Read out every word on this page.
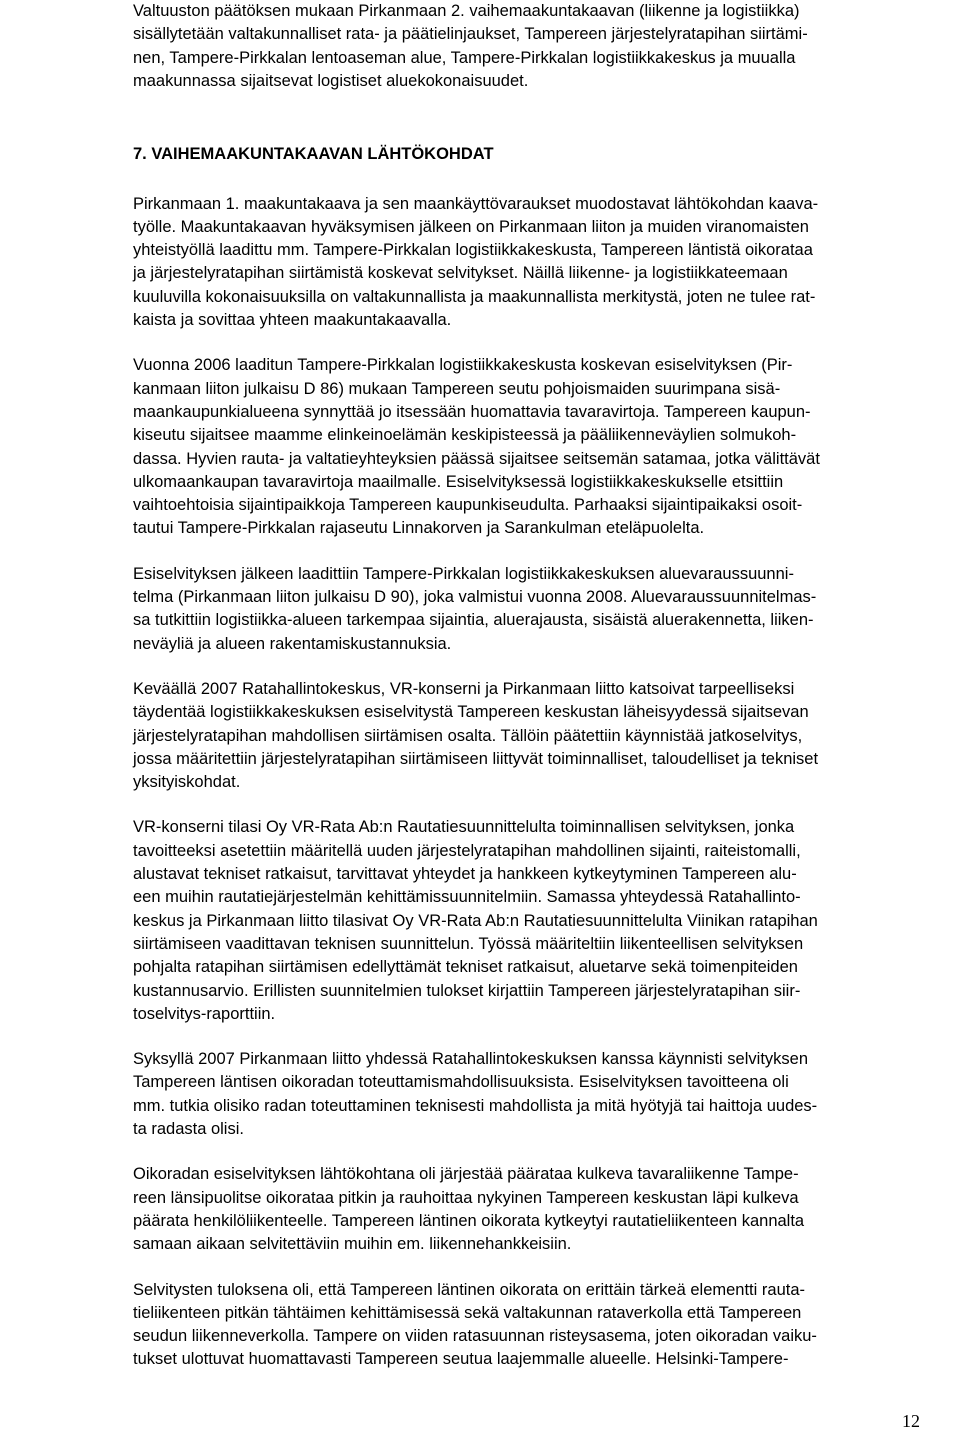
Valtuuston päätöksen mukaan Pirkanmaan 2. vaihemaakuntakaavan (liikenne ja logistiikka)
sisällytetään valtakunnalliset rata- ja päätielinjaukset, Tampereen järjestelyratapihan siirtämi-
nen, Tampere-Pirkkalan lentoaseman alue, Tampere-Pirkkalan logistiikkakeskus ja muualla
maakunnassa sijaitsevat logistiset aluekokonaisuudet.
7. VAIHEMAAKUNTAKAAVAN LÄHTÖKOHDAT
Pirkanmaan 1. maakuntakaava ja sen maankäyttövaraukset muodostavat lähtökohdan kaava-
työlle. Maakuntakaavan hyväksymisen jälkeen on Pirkanmaan liiton ja muiden viranomaisten
yhteistyöllä laadittu mm. Tampere-Pirkkalan logistiikkakeskusta, Tampereen läntistä oikorataa
ja järjestelyratapihan siirtämistä koskevat selvitykset. Näillä liikenne- ja logistiikkateemaan
kuuluvilla kokonaisuuksilla on valtakunnallista ja maakunnallista merkitystä, joten ne tulee rat-
kaista ja sovittaa yhteen maakuntakaavalla.
Vuonna 2006 laaditun Tampere-Pirkkalan logistiikkakeskusta koskevan esiselvityksen (Pir-
kanmaan liiton julkaisu D 86) mukaan Tampereen seutu pohjoismaiden suurimpana sisä-
maankaupunkialueena synnyttää jo itsessään huomattavia tavaravirtoja. Tampereen kaupun-
kiseutu sijaitsee maamme elinkeinoelämän keskipisteessä ja pääliikenneväylien solmukoh-
dassa. Hyvien rauta- ja valtatieyhteyksien päässä sijaitsee seitsemän satamaa, jotka välittävät
ulkomaankaupan tavaravirtoja maailmalle. Esiselvityksessä logistiikkakeskukselle etsittiin
vaihtoehtoisia sijaintipaikkoja Tampereen kaupunkiseudulta. Parhaaksi sijaintipaikaksi osoit-
tautui Tampere-Pirkkalan rajaseutu Linnakorven ja Sarankulman eteläpuolelta.
Esiselvityksen jälkeen laadittiin Tampere-Pirkkalan logistiikkakeskuksen aluevaraussuunni-
telma (Pirkanmaan liiton julkaisu D 90), joka valmistui vuonna 2008. Aluevaraussuunnitelmas-
sa tutkittiin logistiikka-alueen tarkempaa sijaintia, aluerajausta, sisäistä aluerakennetta, liiken-
neväyliä ja alueen rakentamiskustannuksia.
Keväällä 2007 Ratahallintokeskus, VR-konserni ja Pirkanmaan liitto katsoivat tarpeelliseksi
täydentää logistiikkakeskuksen esiselvitystä Tampereen keskustan läheisyydessä sijaitsevan
järjestelyratapihan mahdollisen siirtämisen osalta. Tällöin päätettiin käynnistää jatkoselvitys,
jossa määritettiin järjestelyratapihan siirtämiseen liittyvät toiminnalliset, taloudelliset ja tekniset
yksityiskohdat.
VR-konserni tilasi Oy VR-Rata Ab:n Rautatiesuunnittelulta toiminnallisen selvityksen, jonka
tavoitteeksi asetettiin määritellä uuden järjestelyratapihan mahdollinen sijainti, raiteistomalli,
alustavat tekniset ratkaisut, tarvittavat yhteydet ja hankkeen kytkeytyminen Tampereen alu-
een muihin rautatiejärjestelmän kehittämissuunnitelmiin. Samassa yhteydessä Ratahallinto-
keskus ja Pirkanmaan liitto tilasivat Oy VR-Rata Ab:n Rautatiesuunnittelulta Viinikan ratapihan
siirtämiseen vaadittavan teknisen suunnittelun. Työssä määriteltiin liikenteellisen selvityksen
pohjalta ratapihan siirtämisen edellyttämät tekniset ratkaisut, aluetarve sekä toimenpiteiden
kustannusarvio. Erillisten suunnitelmien tulokset kirjattiin Tampereen järjestelyratapihan siir-
toselvitys-raporttiin.
Syksyllä 2007 Pirkanmaan liitto yhdessä Ratahallintokeskuksen kanssa käynnisti selvityksen
Tampereen läntisen oikoradan toteuttamismahdollisuuksista. Esiselvityksen tavoitteena oli
mm. tutkia olisiko radan toteuttaminen teknisesti mahdollista ja mitä hyötyjä tai haittoja uudes-
ta radasta olisi.
Oikoradan esiselvityksen lähtökohtana oli järjestää päärataa kulkeva tavaraliikenne Tampe-
reen länsipuolitse oikorataa pitkin ja rauhoittaa nykyinen Tampereen keskustan läpi kulkeva
päärata henkilöliikenteelle. Tampereen läntinen oikorata kytkeytyi rautatieliikenteen kannalta
samaan aikaan selvitettäviin muihin em. liikennehankkeisiin.
Selvitysten tuloksena oli, että Tampereen läntinen oikorata on erittäin tärkeä elementti rauta-
tieliikenteen pitkän tähtäimen kehittämisessä sekä valtakunnan rataverkolla että Tampereen
seudun liikenneverkolla. Tampere on viiden ratasuunnan risteysasema, joten oikoradan vaiku-
tukset ulottuvat huomattavasti Tampereen seutua laajemmalle alueelle. Helsinki-Tampere-
12
